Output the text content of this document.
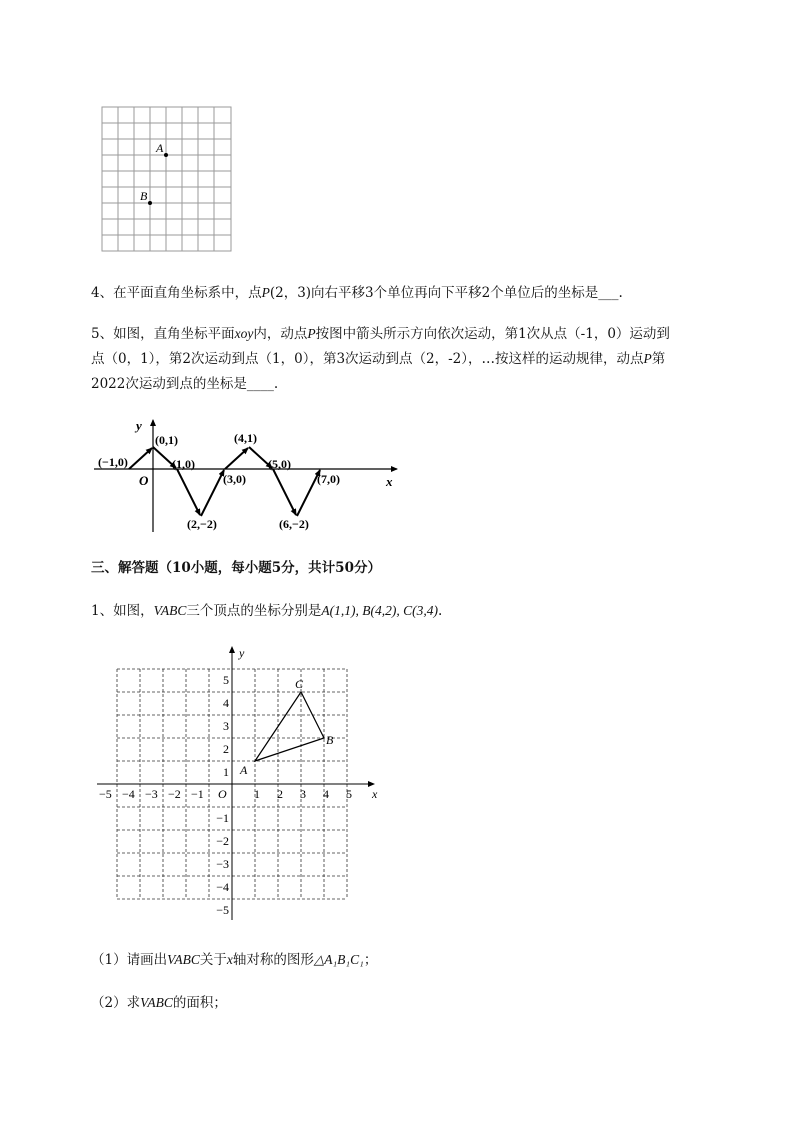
A
B
4、在平面直角坐标系中，点P(2，3)向右平移3个单位再向下平移2个单位后的坐标是___.
5、如图，直角坐标平面xoy内，动点P按图中箭头所示方向依次运动，第1次从点（-1，0）运动到
点（0，1），第2次运动到点（1，0），第3次运动到点（2，-2），…按这样的运动规律，动点P第
2022次运动到点的坐标是____.
y
x
O
(−1,0)
(0,1)
(1,0)
(2,−2)
(3,0)
(4,1)
(5,0)
(6,−2)
(7,0)
三、解答题（10小题，每小题5分，共计50分）
1、如图，VABC三个顶点的坐标分别是A(1,1), B(4,2), C(3,4).
y
x
O
−5 −4 −3 −2 −1	1 2 3 4 5
1
2
3
4
5
−1
−2
−3
−4
−5
A
B
C
（1）请画出VABC关于x轴对称的图形△A₁B₁C₁；
（2）求VABC的面积；
